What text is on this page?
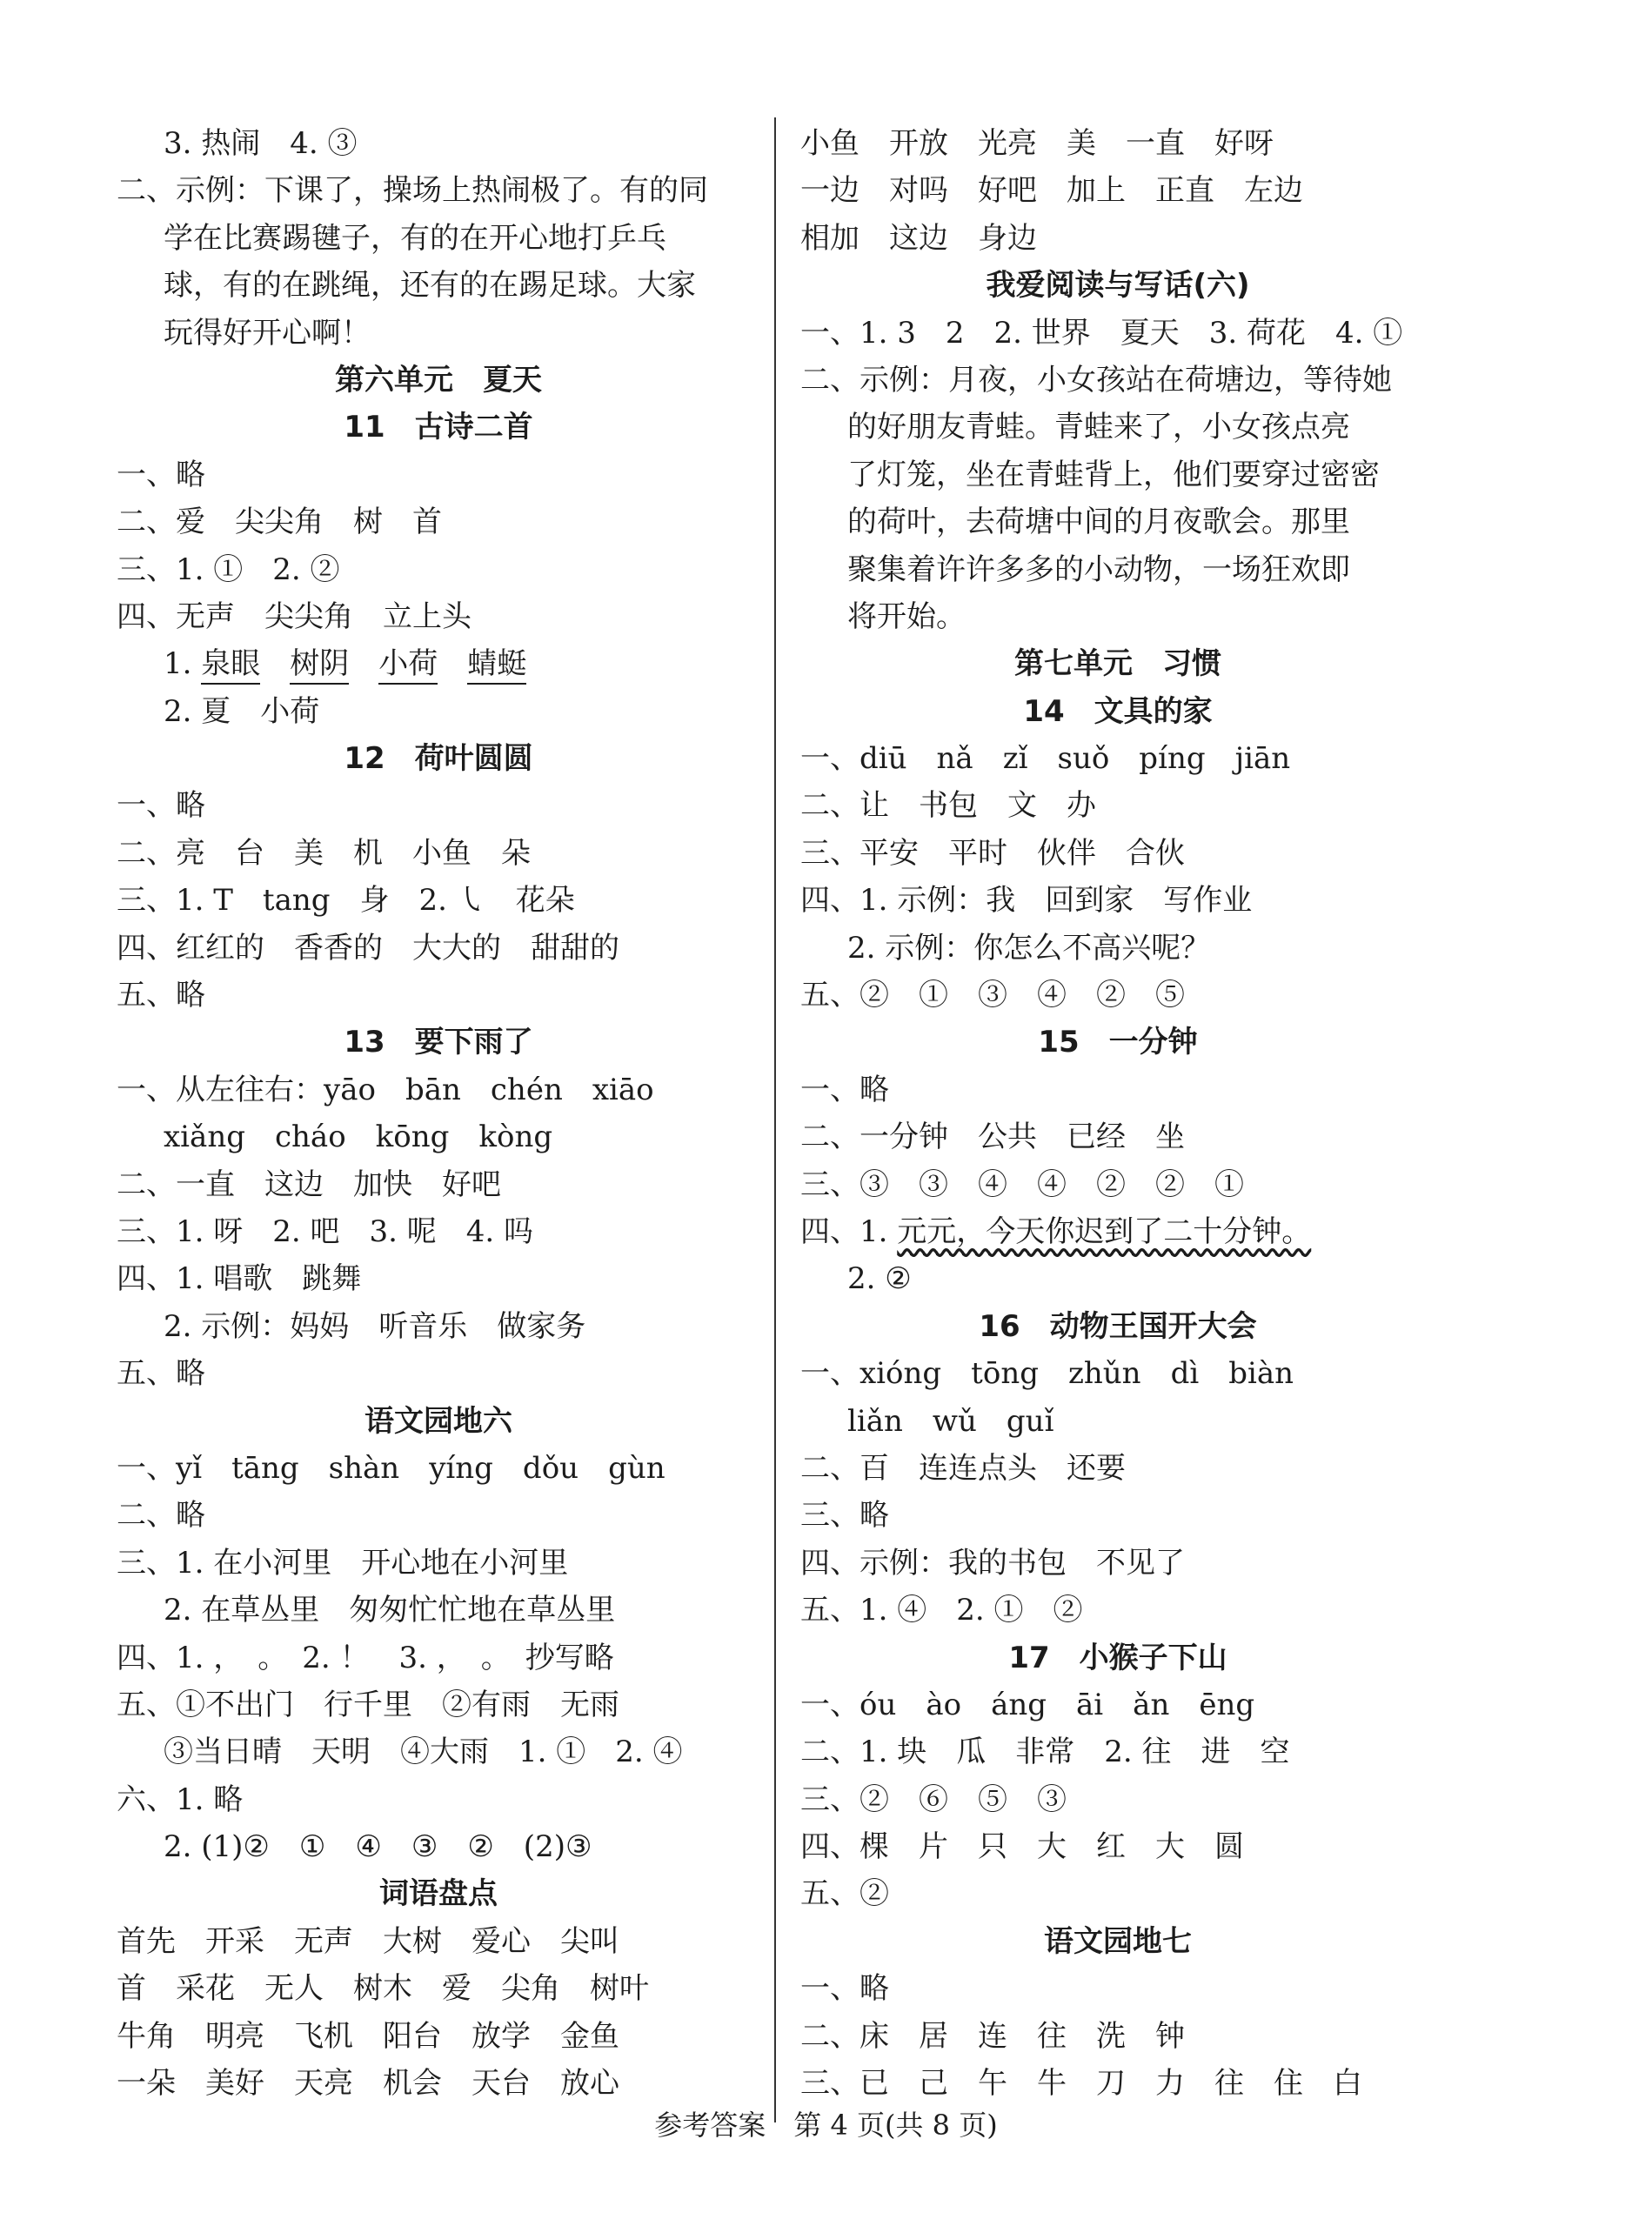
3. 热闹　4. ③
二、示例：下课了，操场上热闹极了。有的同
学在比赛踢毽子，有的在开心地打乒乓
球，有的在跳绳，还有的在踢足球。大家
玩得好开心啊！
第六单元　夏天
11　古诗二首
一、略
二、爱　尖尖角　树　首
三、1. ①　2. ②
四、无声　尖尖角　立上头
1. 泉眼　 树阴　 小荷　 蜻蜓
2. 夏　小荷
12　荷叶圆圆
一、略
二、亮　台　美　机　小鱼　朵
三、1. T　tang　身　2. ㇂　花朵
四、红红的　香香的　大大的　甜甜的
五、略
13　要下雨了
一、从左往右：yāo　bān　chén　xiāo
xiǎng　cháo　kōng　kòng
二、一直　这边　加快　好吧
三、1. 呀　2. 吧　3. 呢　4. 吗
四、1. 唱歌　跳舞
2. 示例：妈妈　听音乐　做家务
五、略
语文园地六
一、yǐ　tāng　shàn　yíng　dǒu　gùn
二、略
三、1. 在小河里　开心地在小河里
2. 在草丛里　匆匆忙忙地在草丛里
四、1. ，　。　2. ！　3. ，　。　抄写略
五、①不出门　行千里　②有雨　无雨
③当日晴　天明　④大雨　1. ①　2. ④
六、1. 略
2. (1)②　①　④　③　②　(2)③
词语盘点
首先　开采　无声　大树　爱心　尖叫
首　采花　无人　树木　爱　尖角　树叶
牛角　明亮　飞机　阳台　放学　金鱼
一朵　美好　天亮　机会　天台　放心
小鱼　开放　光亮　美　一直　好呀
一边　对吗　好吧　加上　正直　左边
相加　这边　身边
我爱阅读与写话(六)
一、1. 3　2　2. 世界　夏天　3. 荷花　4. ①
二、示例：月夜，小女孩站在荷塘边，等待她
的好朋友青蛙。青蛙来了，小女孩点亮
了灯笼，坐在青蛙背上，他们要穿过密密
的荷叶，去荷塘中间的月夜歌会。那里
聚集着许许多多的小动物，一场狂欢即
将开始。
第七单元　习惯
14　文具的家
一、diū　nǎ　zǐ　suǒ　píng　jiān
二、让　书包　文　办
三、平安　平时　伙伴　合伙
四、1. 示例：我　回到家　写作业
2. 示例：你怎么不高兴呢？
五、②　①　③　④　②　⑤
15　一分钟
一、略
二、一分钟　公共　已经　坐
三、③　③　④　④　②　②　①
四、1. 元元，今天你迟到了二十分钟。
2. ②
16　动物王国开大会
一、xióng　tōng　zhǔn　dì　biàn
liǎn　wǔ　guǐ
二、百　连连点头　还要
三、略
四、示例：我的书包　不见了
五、1. ④　2. ①　②
17　小猴子下山
一、óu　ào　áng　āi　ǎn　ēng
二、1. 块　瓜　非常　2. 往　进　空
三、②　⑥　⑤　③
四、棵　片　只　大　红　大　圆
五、②
语文园地七
一、略
二、床　居　连　往　洗　钟
三、已　己　午　牛　刀　力　往　住　白
参考答案　第 4 页(共 8 页)
